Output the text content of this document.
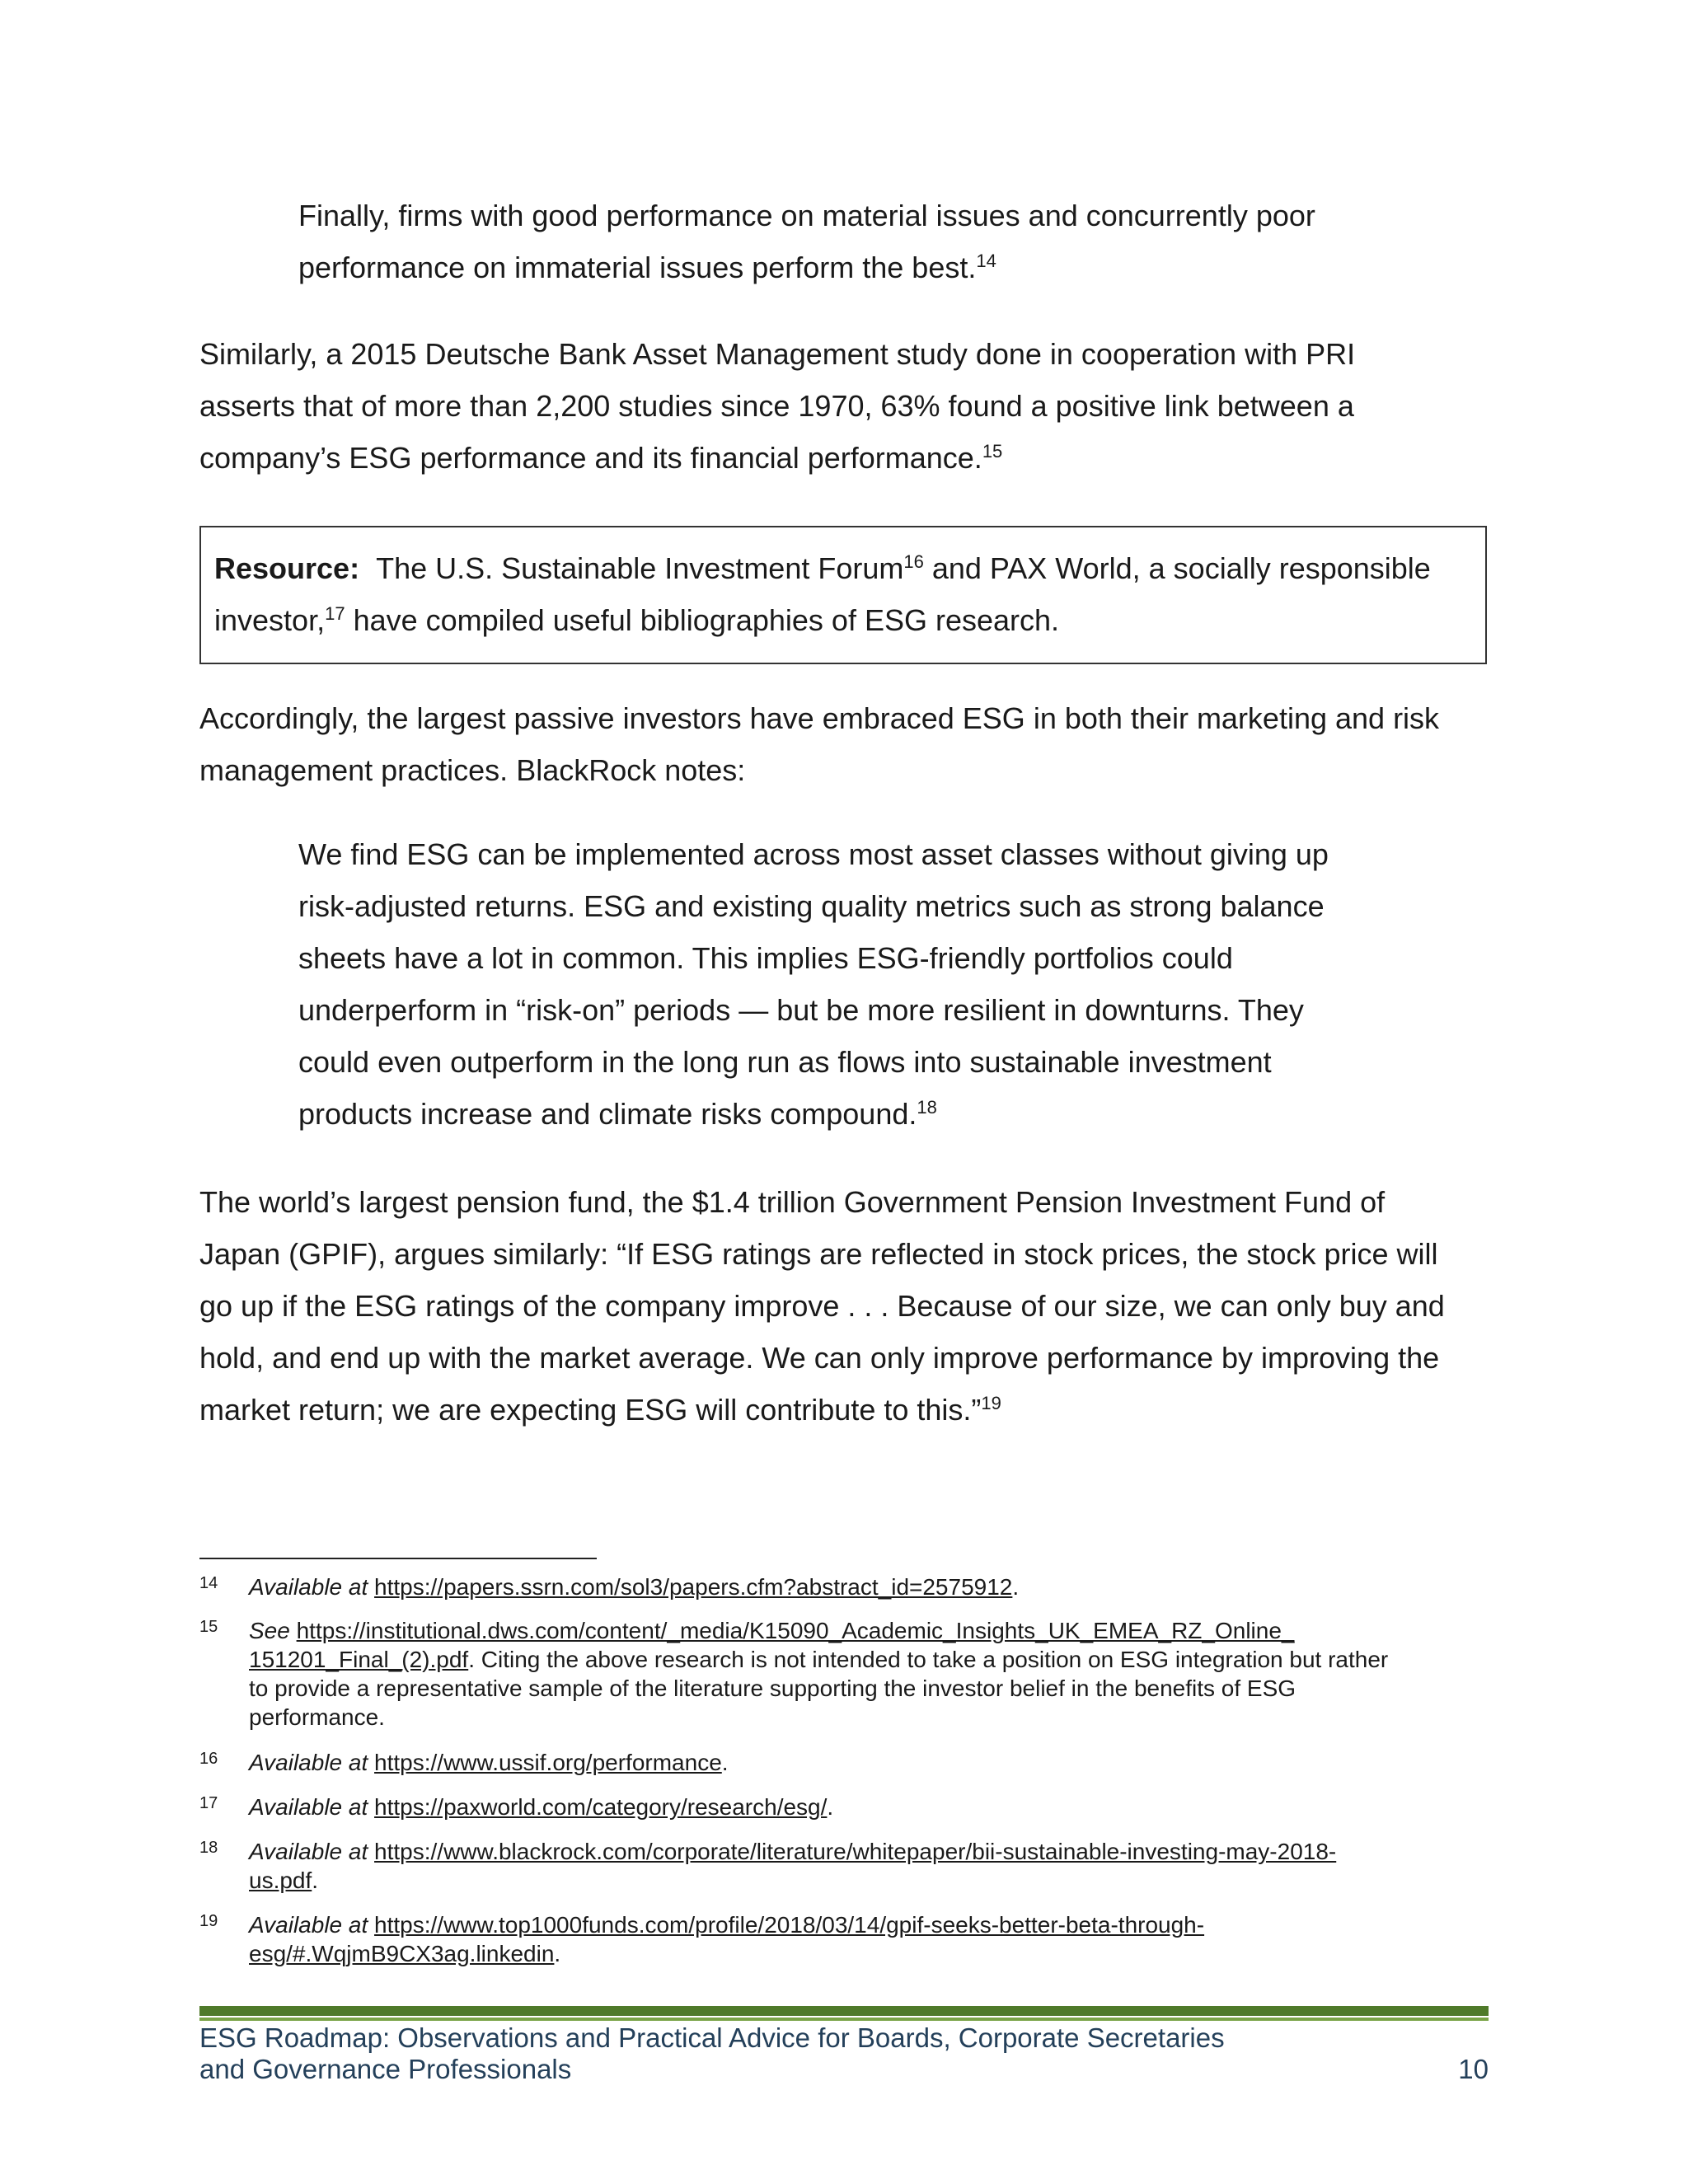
Finally, firms with good performance on material issues and concurrently poor
performance on immaterial issues perform the best.$^{14}$
Similarly, a 2015 Deutsche Bank Asset Management study done in cooperation with PRI
asserts that of more than 2,200 studies since 1970, 63% found a positive link between a
company’s ESG performance and its financial performance.$^{15}$
Resource: The U.S. Sustainable Investment Forum$^{16}$ and PAX World, a socially responsible
investor,$^{17}$ have compiled useful bibliographies of ESG research.
Accordingly, the largest passive investors have embraced ESG in both their marketing and risk
management practices. BlackRock notes:
We find ESG can be implemented across most asset classes without giving up
risk-adjusted returns. ESG and existing quality metrics such as strong balance
sheets have a lot in common. This implies ESG-friendly portfolios could
underperform in “risk-on” periods — but be more resilient in downturns. They
could even outperform in the long run as flows into sustainable investment
products increase and climate risks compound.$^{18}$
The world’s largest pension fund, the $1.4 trillion Government Pension Investment Fund of
Japan (GPIF), argues similarly: “If ESG ratings are reflected in stock prices, the stock price will
go up if the ESG ratings of the company improve . . . Because of our size, we can only buy and
hold, and end up with the market average. We can only improve performance by improving the
market return; we are expecting ESG will contribute to this.”$^{19}$
14 Available at https://papers.ssrn.com/sol3/papers.cfm?abstract_id=2575912.
15 See https://institutional.dws.com/content/_media/K15090_Academic_Insights_UK_EMEA_RZ_Online_
151201_Final_(2).pdf. Citing the above research is not intended to take a position on ESG integration but rather
to provide a representative sample of the literature supporting the investor belief in the benefits of ESG
performance.
16 Available at https://www.ussif.org/performance.
17 Available at https://paxworld.com/category/research/esg/.
18 Available at https://www.blackrock.com/corporate/literature/whitepaper/bii-sustainable-investing-may-2018-
us.pdf.
19 Available at https://www.top1000funds.com/profile/2018/03/14/gpif-seeks-better-beta-through-
esg/#.WqjmB9CX3ag.linkedin.
ESG Roadmap: Observations and Practical Advice for Boards, Corporate Secretaries
and Governance Professionals	10
